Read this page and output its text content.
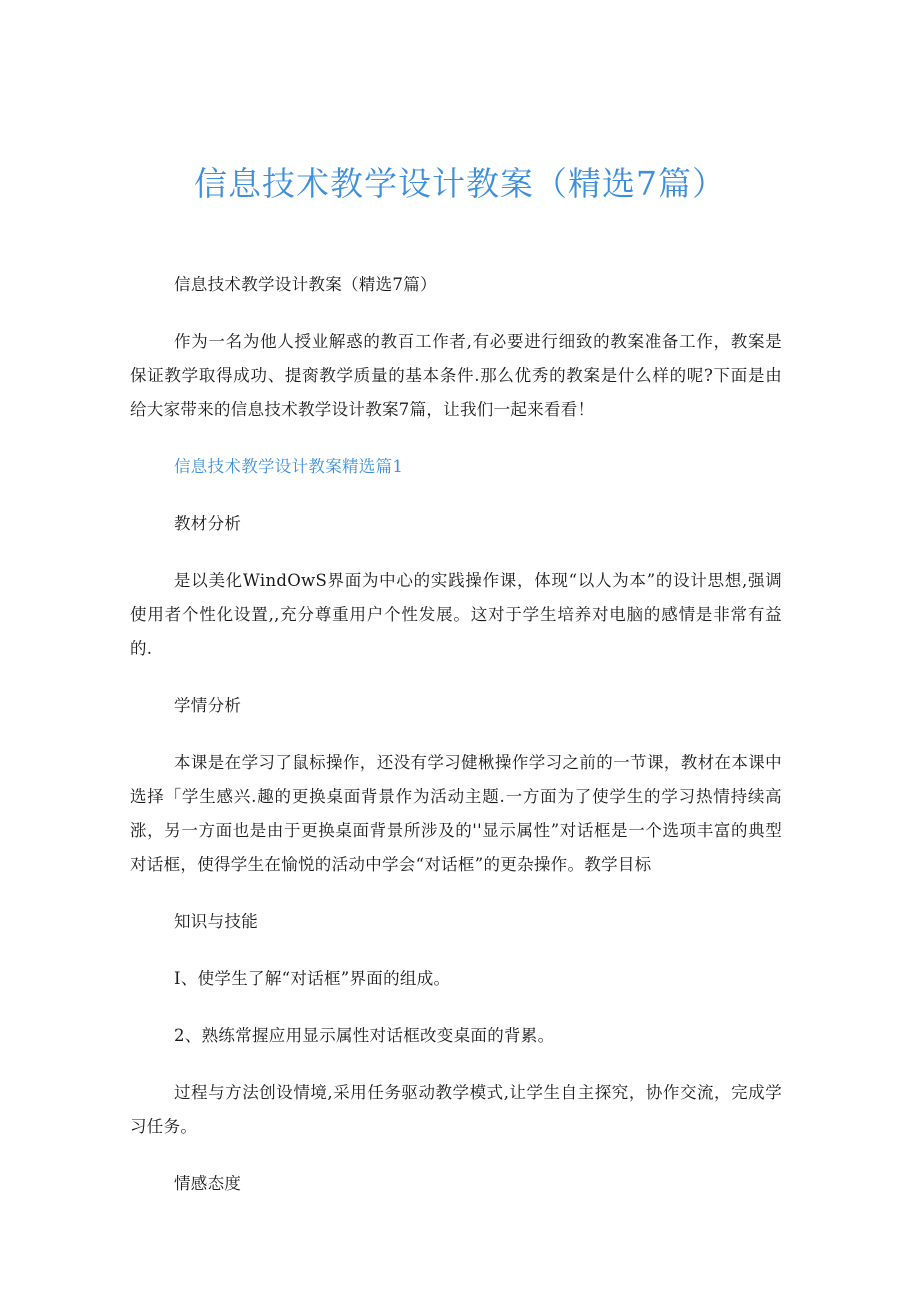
信息技术教学设计教案（精选7篇）

信息技术教学设计教案（精选7篇）

作为一名为他人授业解惑的教百工作者,有必要进行细致的教案准备工作，教案是保证教学取得成功、提脔教学质量的基本条件.那么优秀的教案是什么样的呢?下面是由给大家带来的信息技术教学设计教案7篇，让我们一起来看看！

信息技术教学设计教案精选篇1

教材分析

是以美化WindOwS界面为中心的实践操作课，体现“以人为本”的设计思想,强调使用者个性化设置,,充分尊重用户个性发展。这对于学生培养对电脑的感情是非常有益的.

学情分析

本课是在学习了鼠标操作，还没有学习健楸操作学习之前的一节课，教材在本课中选择「学生感兴.趣的更换桌面背景作为活动主题.一方面为了使学生的学习热情持续高涨，另一方面也是由于更换桌面背景所涉及的''显示属性”对话框是一个选项丰富的典型对话框，使得学生在愉悦的活动中学会“对话框”的更杂操作。教学目标

知识与技能

I、使学生了解“对话框”界面的组成。

2、熟练常握应用显示属性对话框改变桌面的背累。

过程与方法创设情境,采用任务驱动教学模式,让学生自主探究，协作交流，完成学习任务。

情感态度
